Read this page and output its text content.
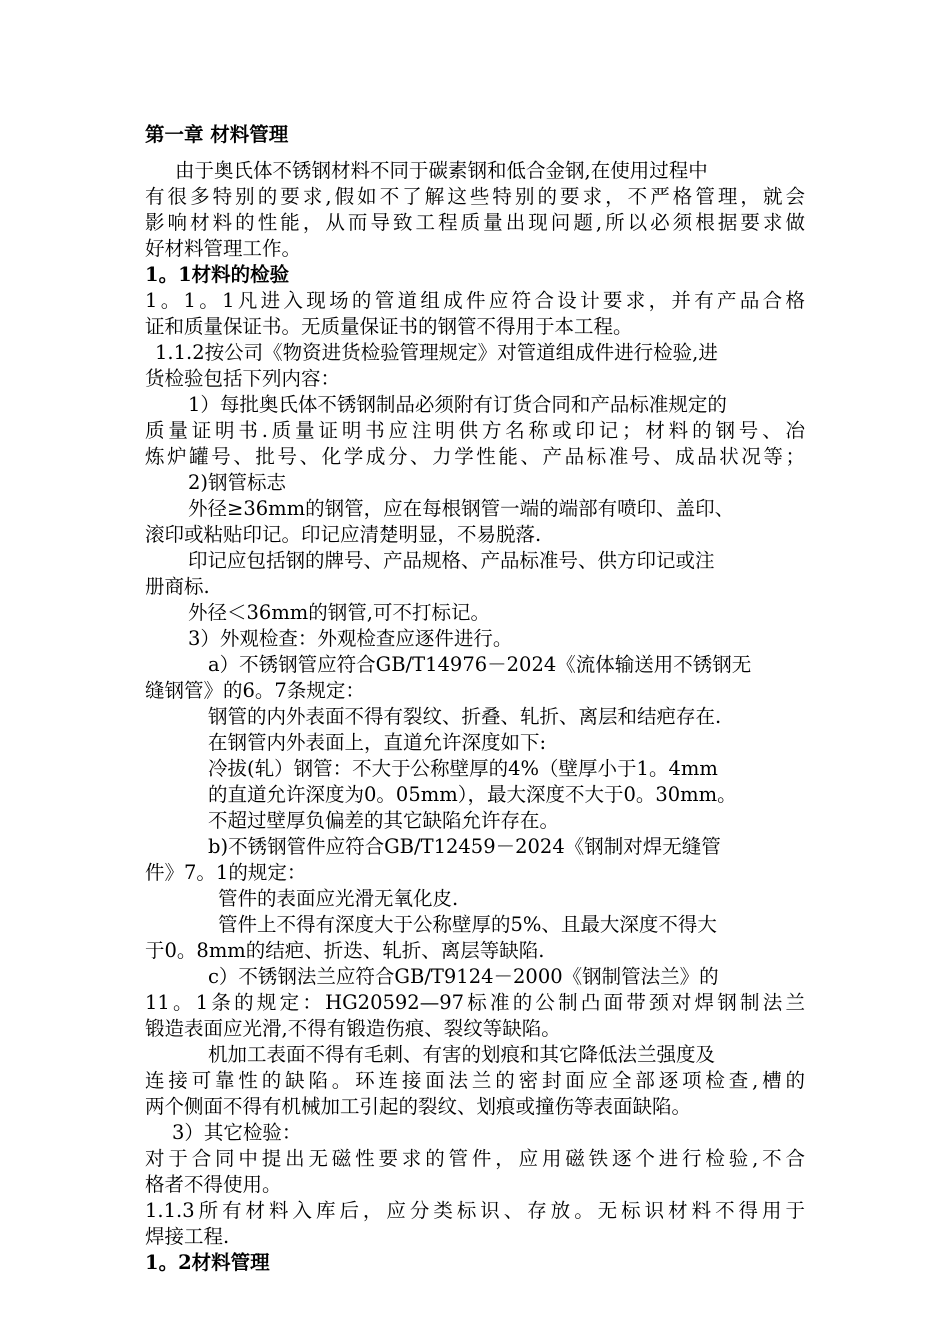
第一章 材料管理
由于奥氏体不锈钢材料不同于碳素钢和低合金钢,在使用过程中
有很多特别的要求,假如不了解这些特别的要求，不严格管理，就会
影响材料的性能，从而导致工程质量出现问题,所以必须根据要求做
好材料管理工作。
1。1材料的检验
1。1。1凡进入现场的管道组成件应符合设计要求，并有产品合格
证和质量保证书。无质量保证书的钢管不得用于本工程。
1.1.2按公司《物资进货检验管理规定》对管道组成件进行检验,进
货检验包括下列内容：
1）每批奥氏体不锈钢制品必须附有订货合同和产品标准规定的
质量证明书.质量证明书应注明供方名称或印记；材料的钢号、冶
炼炉罐号、批号、化学成分、力学性能、产品标准号、成品状况等；
2)钢管标志
外径≥36mm的钢管，应在每根钢管一端的端部有喷印、盖印、
滚印或粘贴印记。印记应清楚明显，不易脱落.
印记应包括钢的牌号、产品规格、产品标准号、供方印记或注
册商标.
外径＜36mm的钢管,可不打标记。
3）外观检查：外观检查应逐件进行。
a）不锈钢管应符合GB/T14976－2024《流体输送用不锈钢无
缝钢管》的6。7条规定：
钢管的内外表面不得有裂纹、折叠、轧折、离层和结疤存在.
在钢管内外表面上，直道允许深度如下:
冷拔(轧）钢管：不大于公称壁厚的4%（壁厚小于1。4mm
的直道允许深度为0。05mm），最大深度不大于0。30mm。
不超过壁厚负偏差的其它缺陷允许存在。
b)不锈钢管件应符合GB/T12459－2024《钢制对焊无缝管
件》7。1的规定：
管件的表面应光滑无氧化皮.
管件上不得有深度大于公称壁厚的5%、且最大深度不得大
于0。8mm的结疤、折迭、轧折、离层等缺陷.
c）不锈钢法兰应符合GB/T9124－2000《钢制管法兰》的
11。1条的规定：HG20592—97标准的公制凸面带颈对焊钢制法兰
锻造表面应光滑,不得有锻造伤痕、裂纹等缺陷。
机加工表面不得有毛刺、有害的划痕和其它降低法兰强度及
连接可靠性的缺陷。环连接面法兰的密封面应全部逐项检查,槽的
两个侧面不得有机械加工引起的裂纹、划痕或撞伤等表面缺陷。
3）其它检验：
对于合同中提出无磁性要求的管件，应用磁铁逐个进行检验,不合
格者不得使用。
1.1.3所有材料入库后，应分类标识、存放。无标识材料不得用于
焊接工程.
1。2材料管理
